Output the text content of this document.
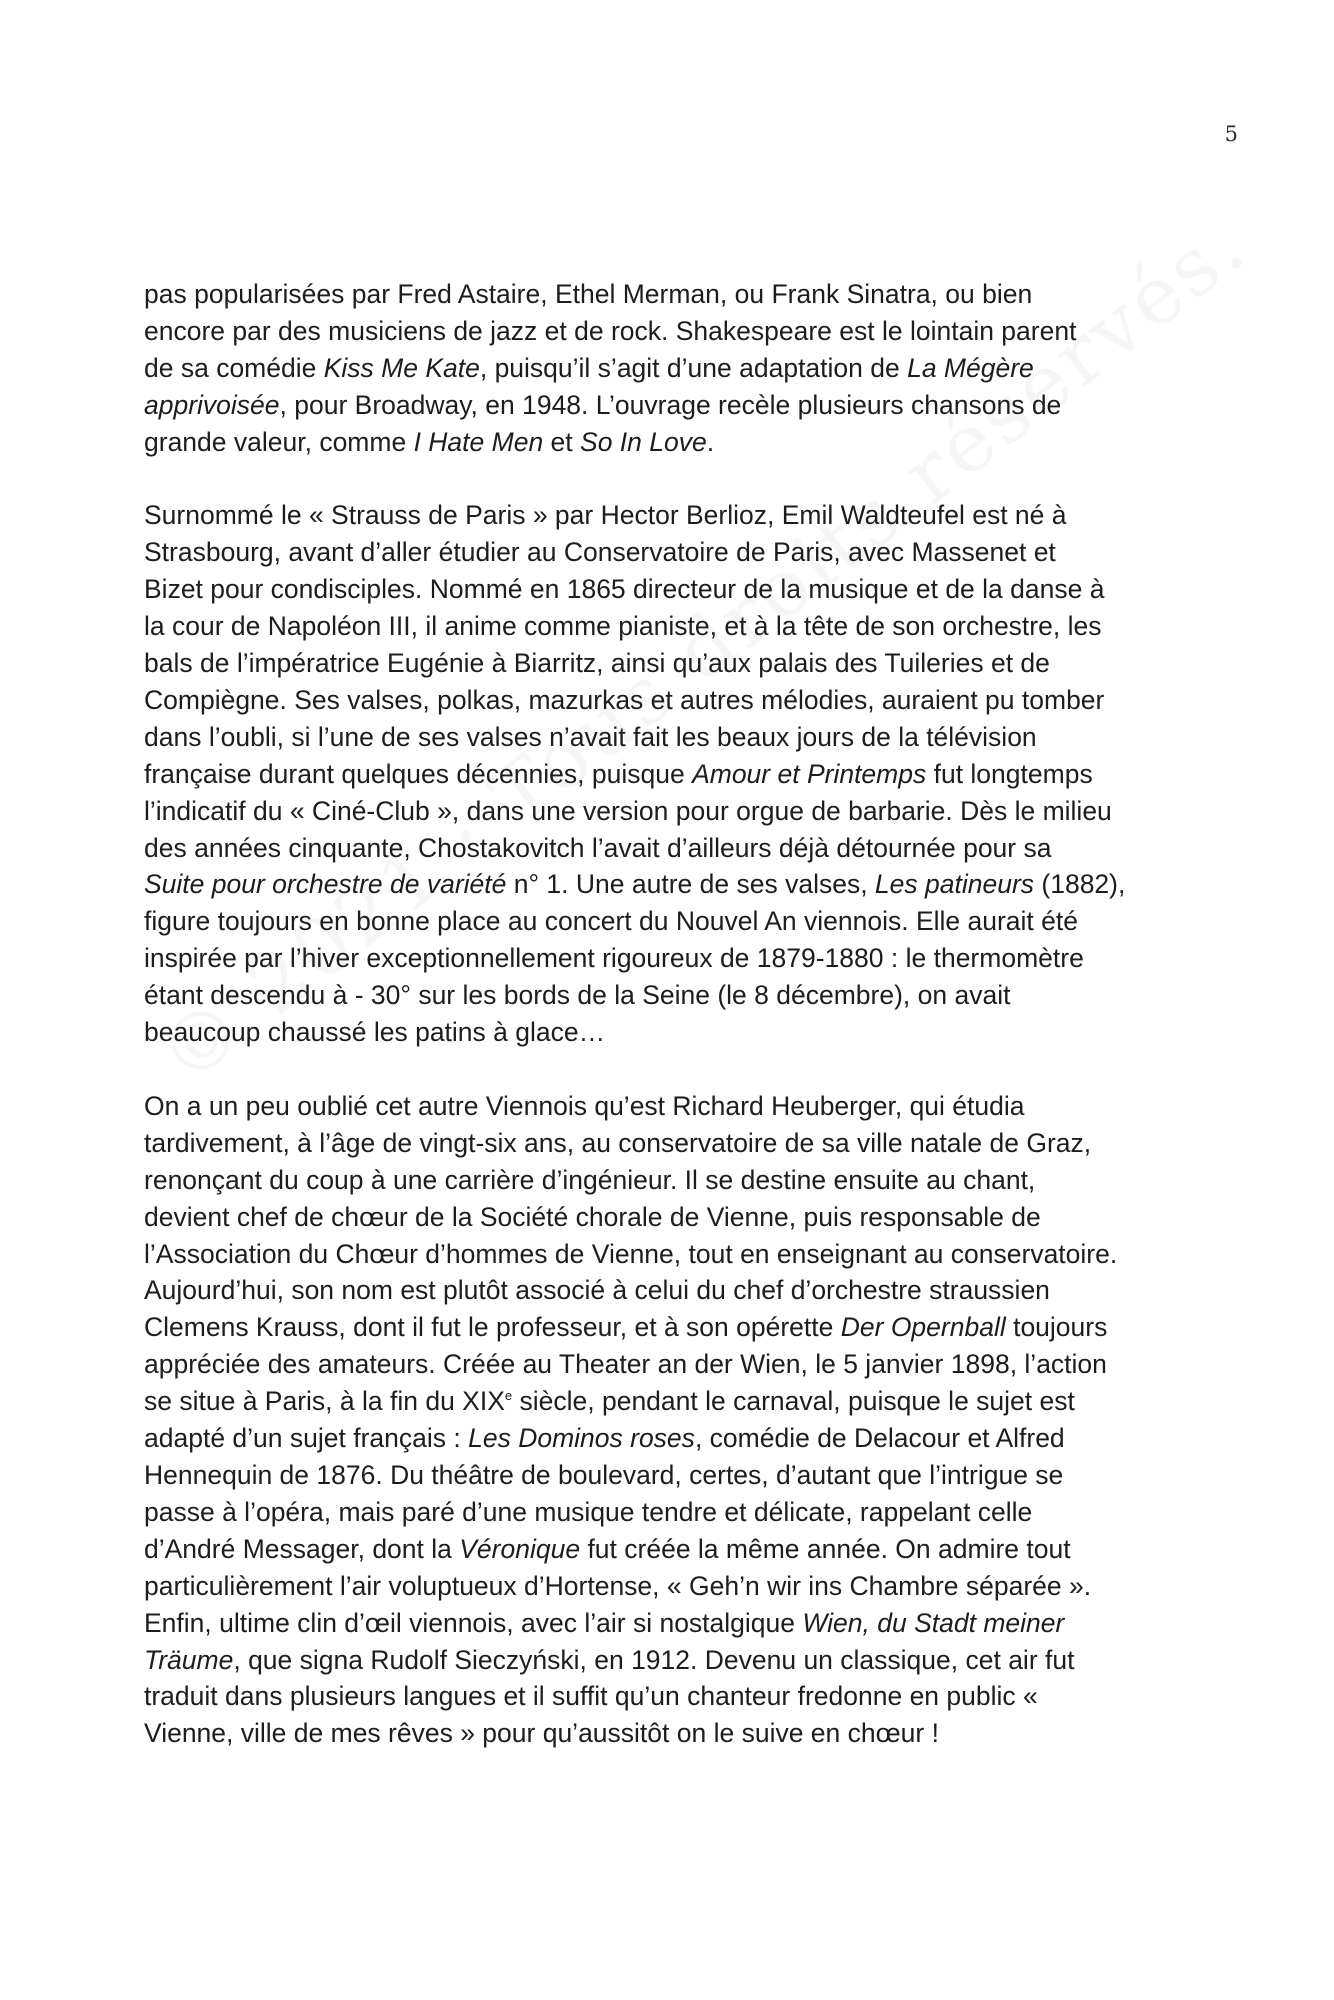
5
pas popularisées par Fred Astaire, Ethel Merman, ou Frank Sinatra, ou bien
encore par des musiciens de jazz et de rock. Shakespeare est le lointain parent
de sa comédie Kiss Me Kate, puisqu’il s’agit d’une adaptation de La Mégère
apprivoisée, pour Broadway, en 1948. L’ouvrage recèle plusieurs chansons de
grande valeur, comme I Hate Men et So In Love.
Surnommé le « Strauss de Paris » par Hector Berlioz, Emil Waldteufel est né à
Strasbourg, avant d’aller étudier au Conservatoire de Paris, avec Massenet et
Bizet pour condisciples. Nommé en 1865 directeur de la musique et de la danse à
la cour de Napoléon III, il anime comme pianiste, et à la tête de son orchestre, les
bals de l’impératrice Eugénie à Biarritz, ainsi qu’aux palais des Tuileries et de
Compiègne. Ses valses, polkas, mazurkas et autres mélodies, auraient pu tomber
dans l’oubli, si l’une de ses valses n’avait fait les beaux jours de la télévision
française durant quelques décennies, puisque Amour et Printemps fut longtemps
l’indicatif du « Ciné-Club », dans une version pour orgue de barbarie. Dès le milieu
des années cinquante, Chostakovitch l’avait d’ailleurs déjà détournée pour sa
Suite pour orchestre de variété n° 1. Une autre de ses valses, Les patineurs (1882),
figure toujours en bonne place au concert du Nouvel An viennois. Elle aurait été
inspirée par l’hiver exceptionnellement rigoureux de 1879-1880 : le thermomètre
étant descendu à - 30° sur les bords de la Seine (le 8 décembre), on avait
beaucoup chaussé les patins à glace…
On a un peu oublié cet autre Viennois qu’est Richard Heuberger, qui étudia
tardivement, à l’âge de vingt-six ans, au conservatoire de sa ville natale de Graz,
renonçant du coup à une carrière d’ingénieur. Il se destine ensuite au chant,
devient chef de chœur de la Société chorale de Vienne, puis responsable de
l’Association du Chœur d’hommes de Vienne, tout en enseignant au conservatoire.
Aujourd’hui, son nom est plutôt associé à celui du chef d’orchestre straussien
Clemens Krauss, dont il fut le professeur, et à son opérette Der Opernball toujours
appréciée des amateurs. Créée au Theater an der Wien, le 5 janvier 1898, l’action
se situe à Paris, à la fin du XIXe siècle, pendant le carnaval, puisque le sujet est
adapté d’un sujet français : Les Dominos roses, comédie de Delacour et Alfred
Hennequin de 1876. Du théâtre de boulevard, certes, d’autant que l’intrigue se
passe à l’opéra, mais paré d’une musique tendre et délicate, rappelant celle
d’André Messager, dont la Véronique fut créée la même année. On admire tout
particulièrement l’air voluptueux d’Hortense, « Geh’n wir ins Chambre séparée ».
Enfin, ultime clin d’œil viennois, avec l’air si nostalgique Wien, du Stadt meiner
Träume, que signa Rudolf Sieczyński, en 1912. Devenu un classique, cet air fut
traduit dans plusieurs langues et il suffit qu’un chanteur fredonne en public «
Vienne, ville de mes rêves » pour qu’aussitôt on le suive en chœur !
